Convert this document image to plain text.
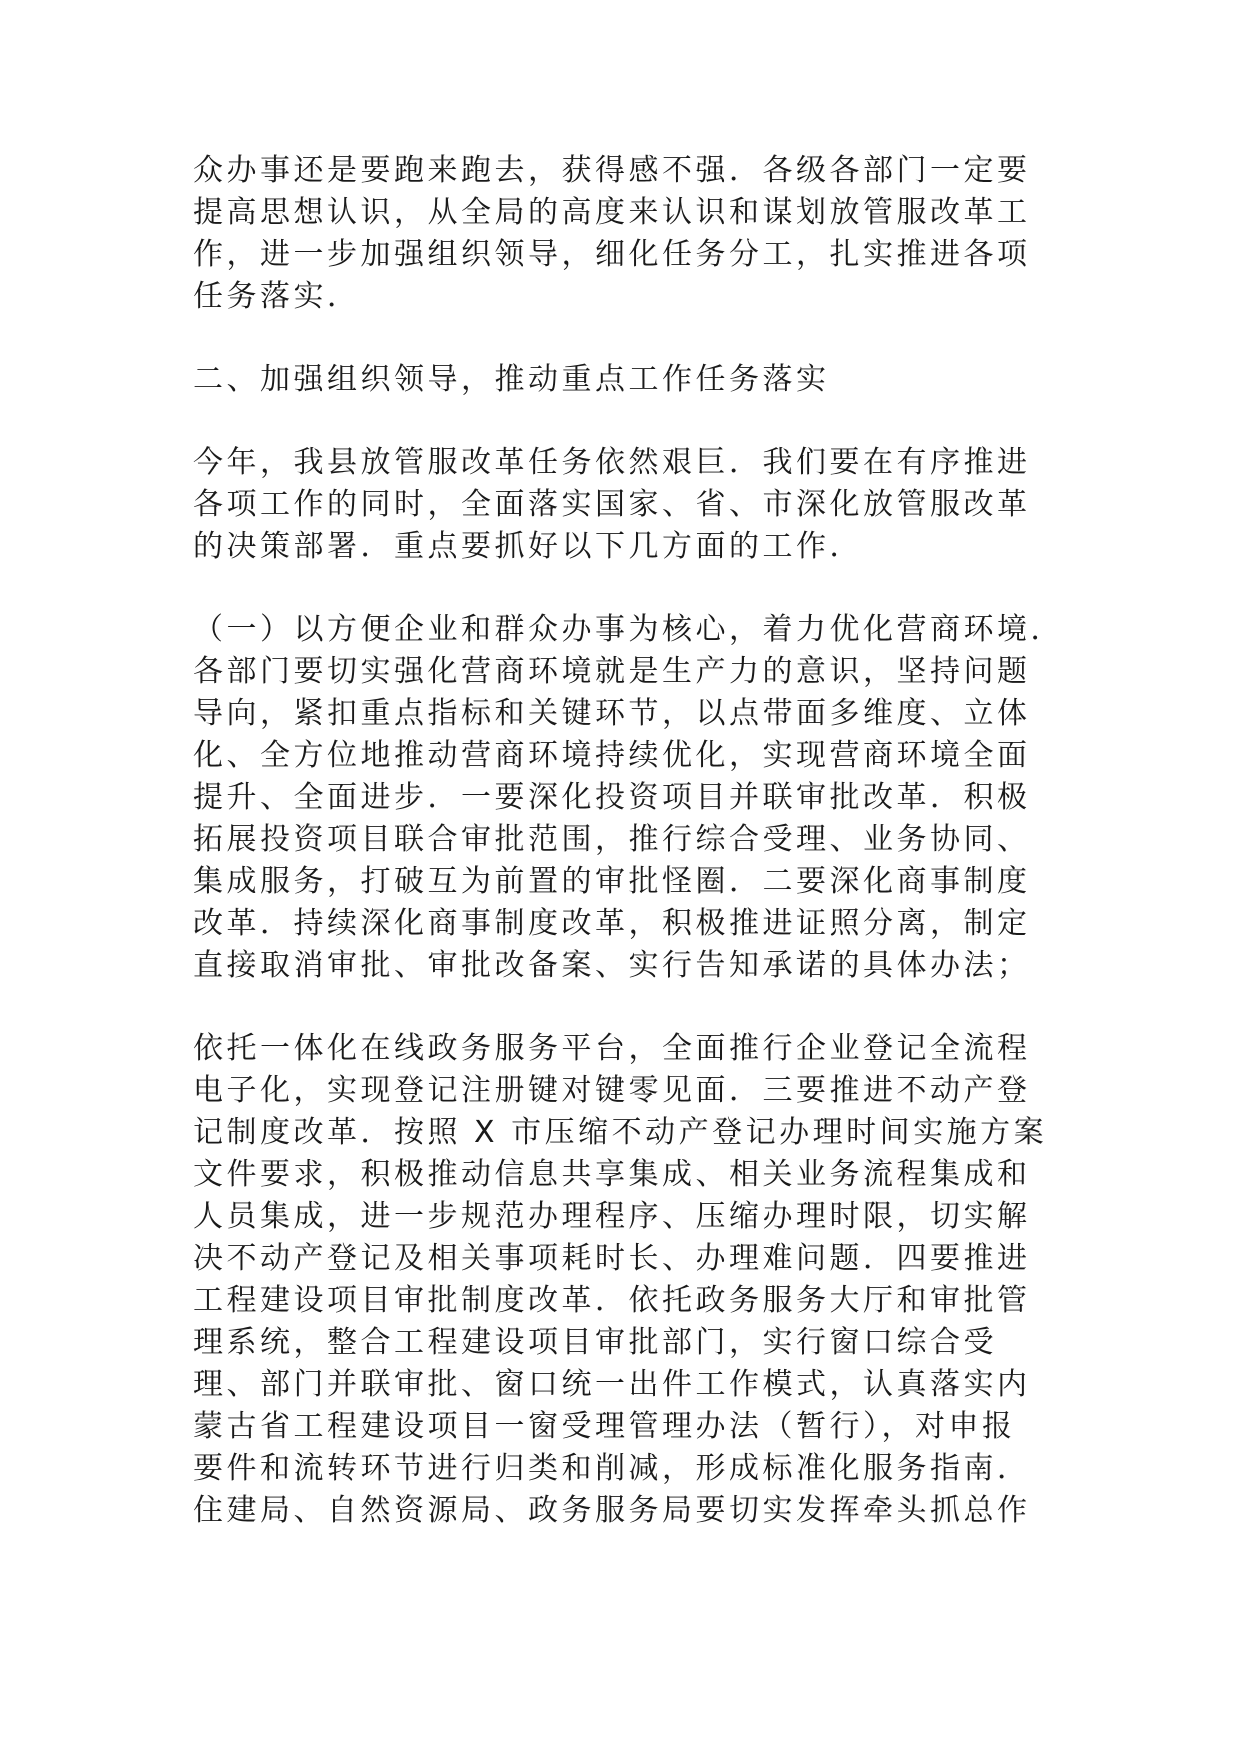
众办事还是要跑来跑去，获得感不强．各级各部门一定要
提高思想认识，从全局的高度来认识和谋划放管服改革工
作，进一步加强组织领导，细化任务分工，扎实推进各项
任务落实．
二、加强组织领导，推动重点工作任务落实
今年，我县放管服改革任务依然艰巨．我们要在有序推进
各项工作的同时，全面落实国家、省、市深化放管服改革
的决策部署．重点要抓好以下几方面的工作．
（一）以方便企业和群众办事为核心，着力优化营商环境．
各部门要切实强化营商环境就是生产力的意识，坚持问题
导向，紧扣重点指标和关键环节，以点带面多维度、立体
化、全方位地推动营商环境持续优化，实现营商环境全面
提升、全面进步．一要深化投资项目并联审批改革．积极
拓展投资项目联合审批范围，推行综合受理、业务协同、
集成服务，打破互为前置的审批怪圈．二要深化商事制度
改革．持续深化商事制度改革，积极推进证照分离，制定
直接取消审批、审批改备案、实行告知承诺的具体办法；
依托一体化在线政务服务平台，全面推行企业登记全流程
电子化，实现登记注册键对键零见面．三要推进不动产登
记制度改革．按照 X 市压缩不动产登记办理时间实施方案
文件要求，积极推动信息共享集成、相关业务流程集成和
人员集成，进一步规范办理程序、压缩办理时限，切实解
决不动产登记及相关事项耗时长、办理难问题．四要推进
工程建设项目审批制度改革．依托政务服务大厅和审批管
理系统，整合工程建设项目审批部门，实行窗口综合受
理、部门并联审批、窗口统一出件工作模式，认真落实内
蒙古省工程建设项目一窗受理管理办法（暂行），对申报
要件和流转环节进行归类和削减，形成标准化服务指南．
住建局、自然资源局、政务服务局要切实发挥牵头抓总作
